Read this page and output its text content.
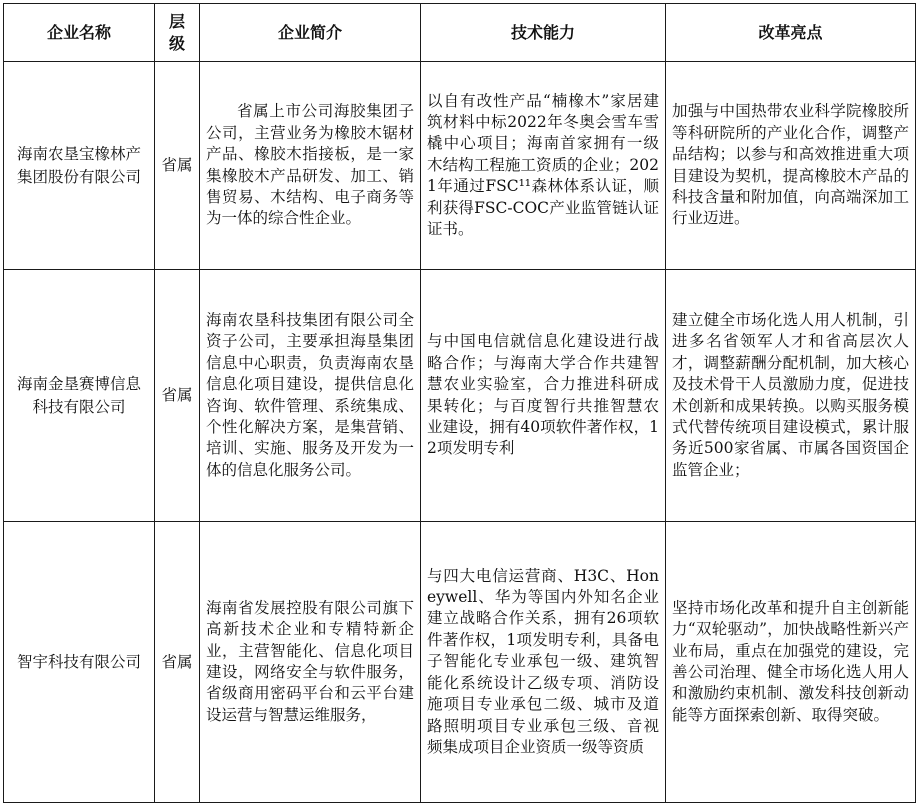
企业名称	层级	企业简介	技术能力	改革亮点
海南农垦宝橡林产集团股份有限公司	省属	省属上市公司海胶集团子公司，主营业务为橡胶木锯材产品、橡胶木指接板，是一家集橡胶木产品研发、加工、销售贸易、木结构、电子商务等为一体的综合性企业。	以自有改性产品“楠橡木”家居建筑材料中标2022年冬奥会雪车雪橇中心项目；海南首家拥有一级木结构工程施工资质的企业；2021年通过FSC¹¹森林体系认证，顺利获得FSC-COC产业监管链认证证书。	加强与中国热带农业科学院橡胶所等科研院所的产业化合作，调整产品结构；以参与和高效推进重大项目建设为契机，提高橡胶木产品的科技含量和附加值，向高端深加工行业迈进。
海南金垦赛博信息科技有限公司	省属	海南农垦科技集团有限公司全资子公司，主要承担海垦集团信息中心职责，负责海南农垦信息化项目建设，提供信息化咨询、软件管理、系统集成、个性化解决方案，是集营销、培训、实施、服务及开发为一体的信息化服务公司。	与中国电信就信息化建设进行战略合作；与海南大学合作共建智慧农业实验室，合力推进科研成果转化；与百度智行共推智慧农业建设，拥有40项软件著作权，12项发明专利	建立健全市场化选人用人机制，引进多名省领军人才和省高层次人才，调整薪酬分配机制，加大核心及技术骨干人员激励力度，促进技术创新和成果转换。以购买服务模式代替传统项目建设模式，累计服务近500家省属、市属各国资国企监管企业；
智宇科技有限公司	省属	海南省发展控股有限公司旗下高新技术企业和专精特新企业，主营智能化、信息化项目建设，网络安全与软件服务，省级商用密码平台和云平台建设运营与智慧运维服务，	与四大电信运营商、H3C、Honeywell、华为等国内外知名企业建立战略合作关系，拥有26项软件著作权，1项发明专利，具备电子智能化专业承包一级、建筑智能化系统设计乙级专项、消防设施项目专业承包二级、城市及道路照明项目专业承包三级、音视频集成项目企业资质一级等资质	坚持市场化改革和提升自主创新能力“双轮驱动”，加快战略性新兴产业布局，重点在加强党的建设，完善公司治理、健全市场化选人用人和激励约束机制、激发科技创新动能等方面探索创新、取得突破。
